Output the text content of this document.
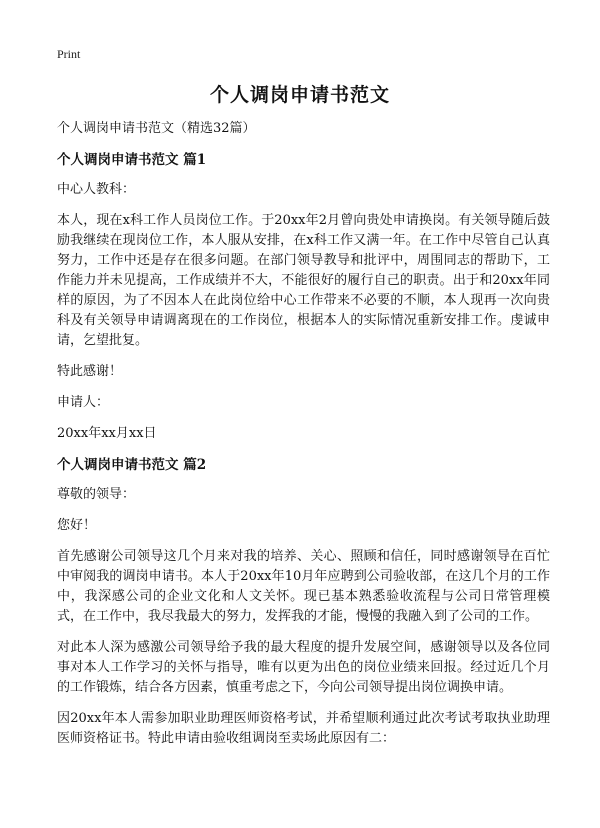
Print
个人调岗申请书范文

个人调岗申请书范文（精选32篇）

个人调岗申请书范文 篇1

中心人教科：

本人，现在x科工作人员岗位工作。于20xx年2月曾向贵处申请换岗。有关领导随后鼓励我继续在现岗位工作，本人服从安排，在x科工作又满一年。在工作中尽管自己认真努力，工作中还是存在很多问题。在部门领导教导和批评中，周围同志的帮助下，工作能力并未见提高，工作成绩并不大，不能很好的履行自己的职责。出于和20xx年同样的原因，为了不因本人在此岗位给中心工作带来不必要的不顺，本人现再一次向贵科及有关领导申请调离现在的工作岗位，根据本人的实际情况重新安排工作。虔诚申请，乞望批复。

特此感谢！

申请人：

20xx年xx月xx日

个人调岗申请书范文 篇2

尊敬的领导：

您好！

首先感谢公司领导这几个月来对我的培养、关心、照顾和信任，同时感谢领导在百忙中审阅我的调岗申请书。本人于20xx年10月年应聘到公司验收部，在这几个月的工作中，我深感公司的企业文化和人文关怀。现已基本熟悉验收流程与公司日常管理模式，在工作中，我尽我最大的努力，发挥我的才能，慢慢的我融入到了公司的工作。

对此本人深为感激公司领导给予我的最大程度的提升发展空间，感谢领导以及各位同事对本人工作学习的关怀与指导，唯有以更为出色的岗位业绩来回报。经过近几个月的工作锻炼，结合各方因素，慎重考虑之下，今向公司领导提出岗位调换申请。

因20xx年本人需参加职业助理医师资格考试，并希望顺利通过此次考试考取执业助理医师资格证书。特此申请由验收组调岗至卖场此原因有二：
